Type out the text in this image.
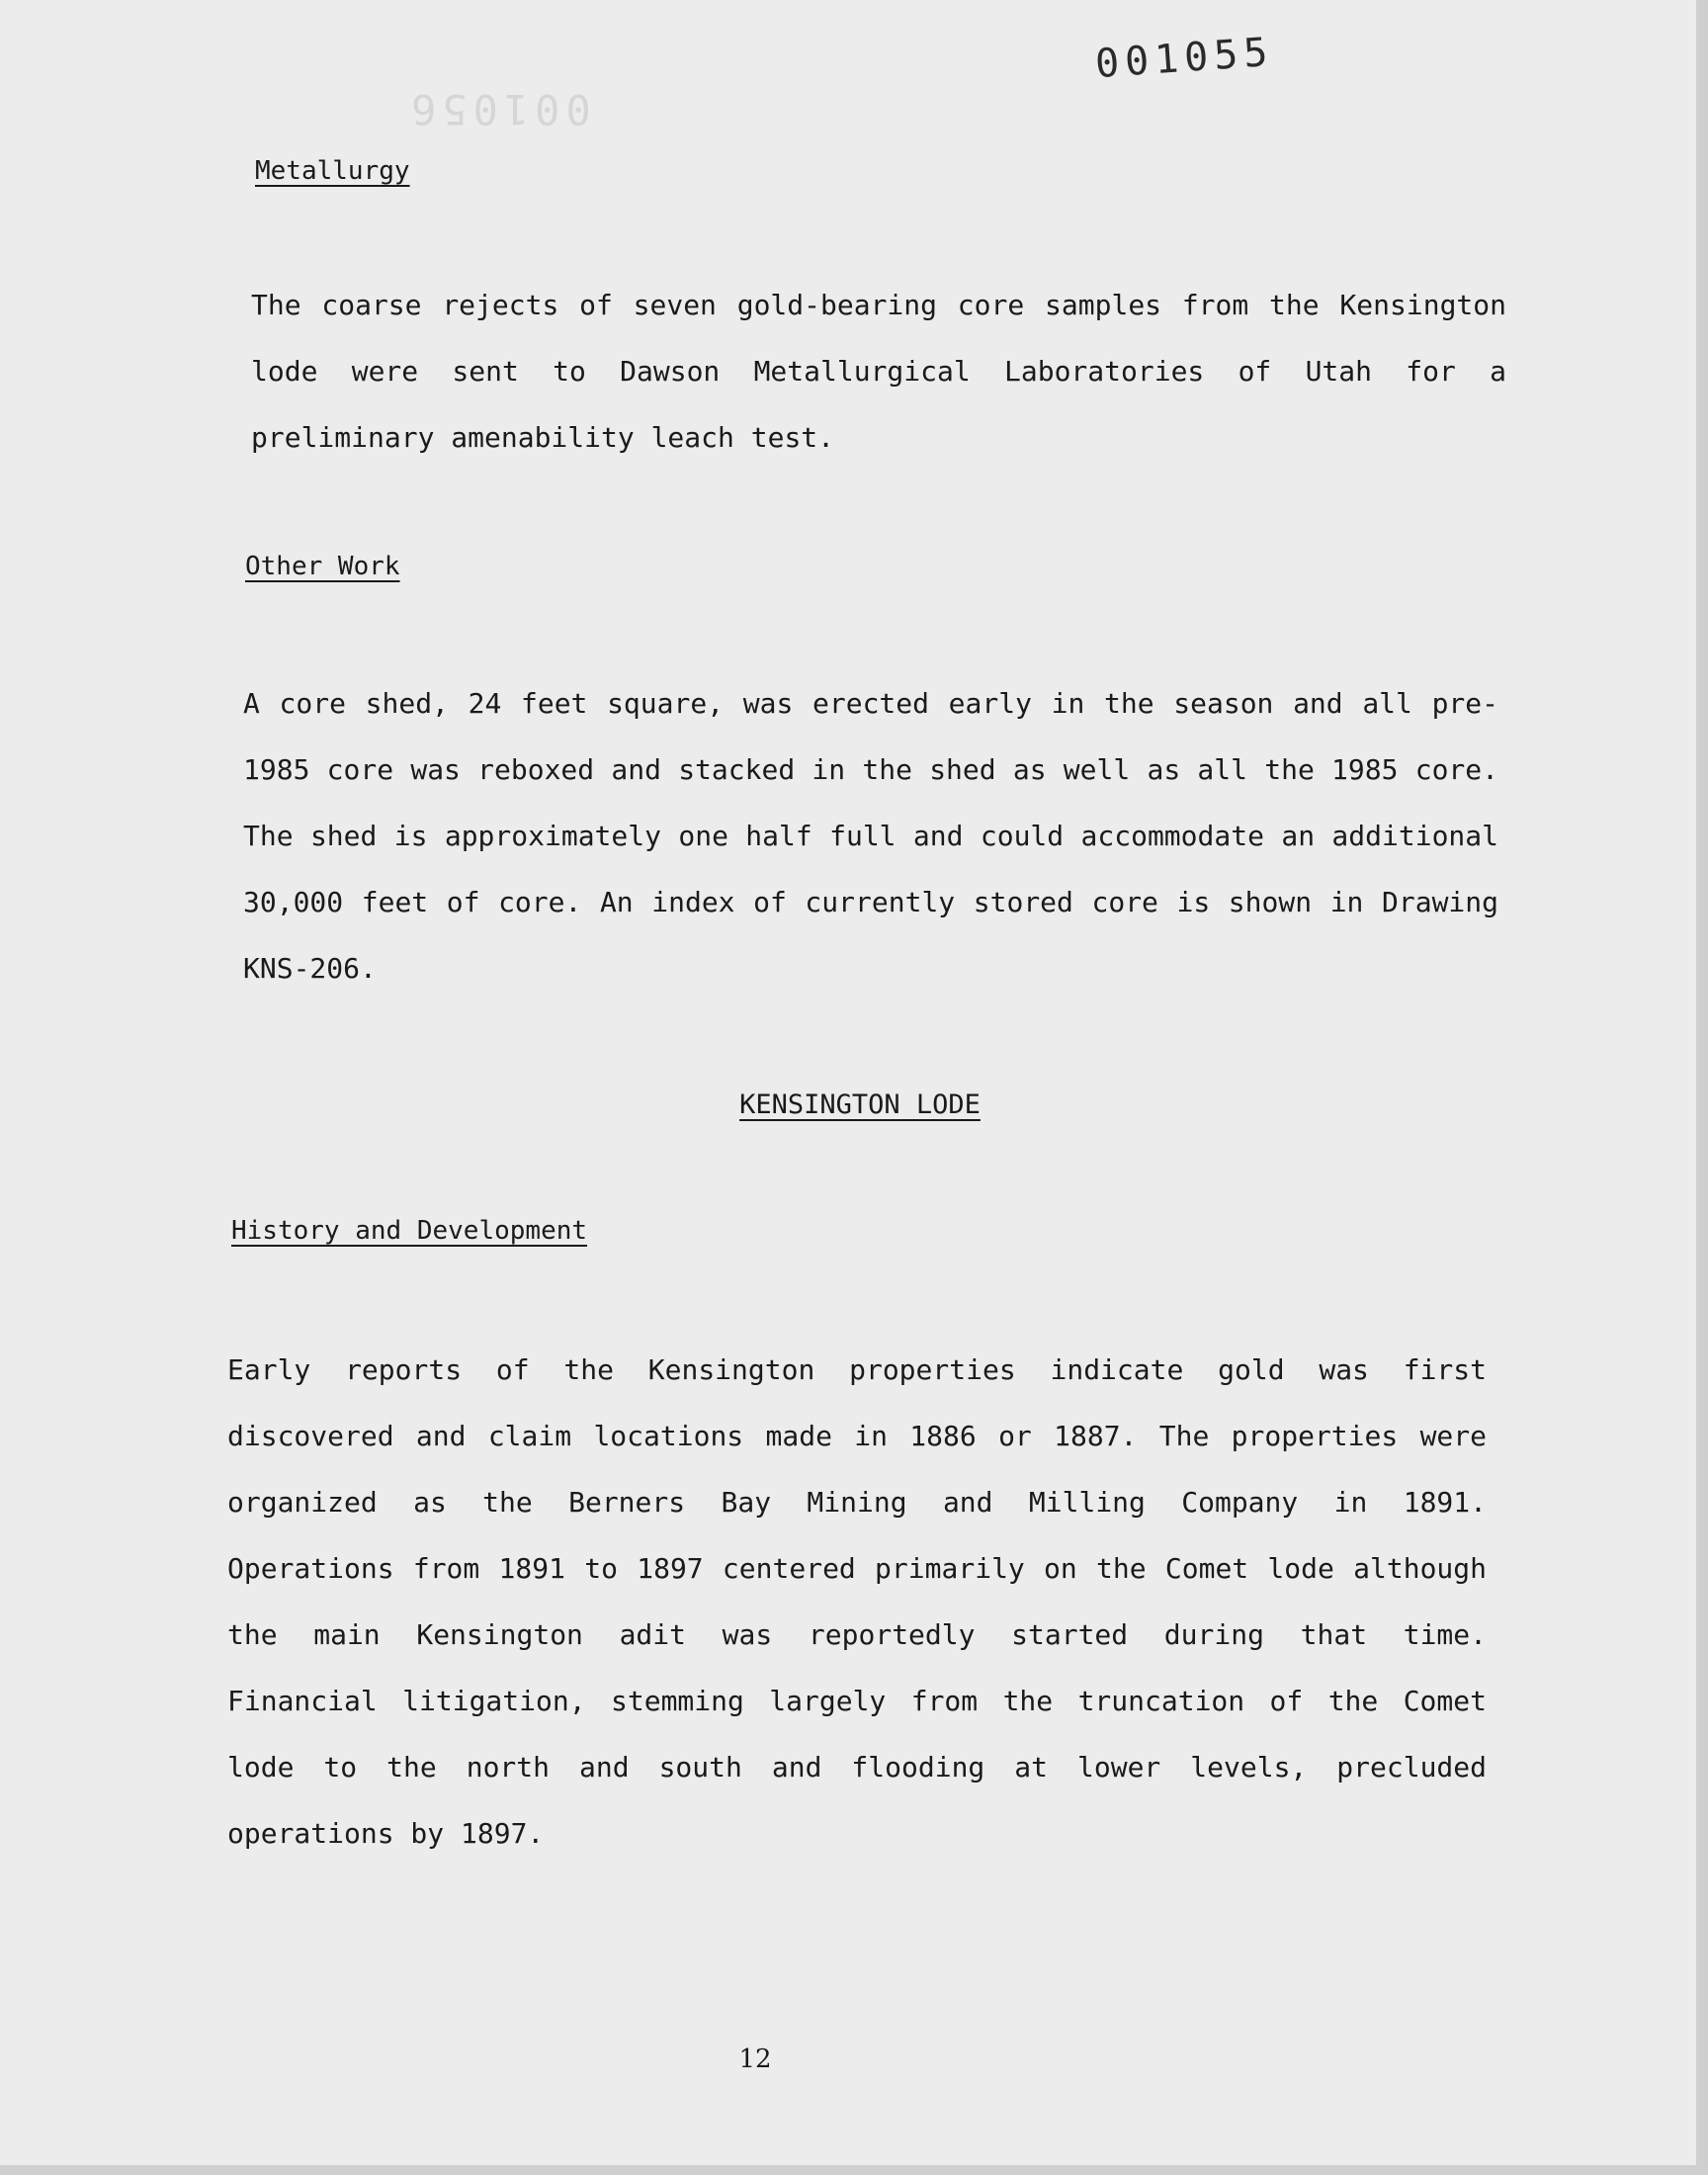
001056
001055
Metallurgy

The coarse rejects of seven gold-bearing core samples from the Kensington
lode were sent to Dawson Metallurgical Laboratories of Utah for a
preliminary amenability leach test.

Other Work

A core shed, 24 feet square, was erected early in the season and all pre-
1985 core was reboxed and stacked in the shed as well as all the 1985 core.
The shed is approximately one half full and could accommodate an additional
30,000 feet of core. An index of currently stored core is shown in Drawing
KNS-206.

KENSINGTON LODE
History and Development

Early reports of the Kensington properties indicate gold was first
discovered and claim locations made in 1886 or 1887. The properties were
organized as the Berners Bay Mining and Milling Company in 1891.
Operations from 1891 to 1897 centered primarily on the Comet lode although
the main Kensington adit was reportedly started during that time.
Financial litigation, stemming largely from the truncation of the Comet
lode to the north and south and flooding at lower levels, precluded
operations by 1897.

12
